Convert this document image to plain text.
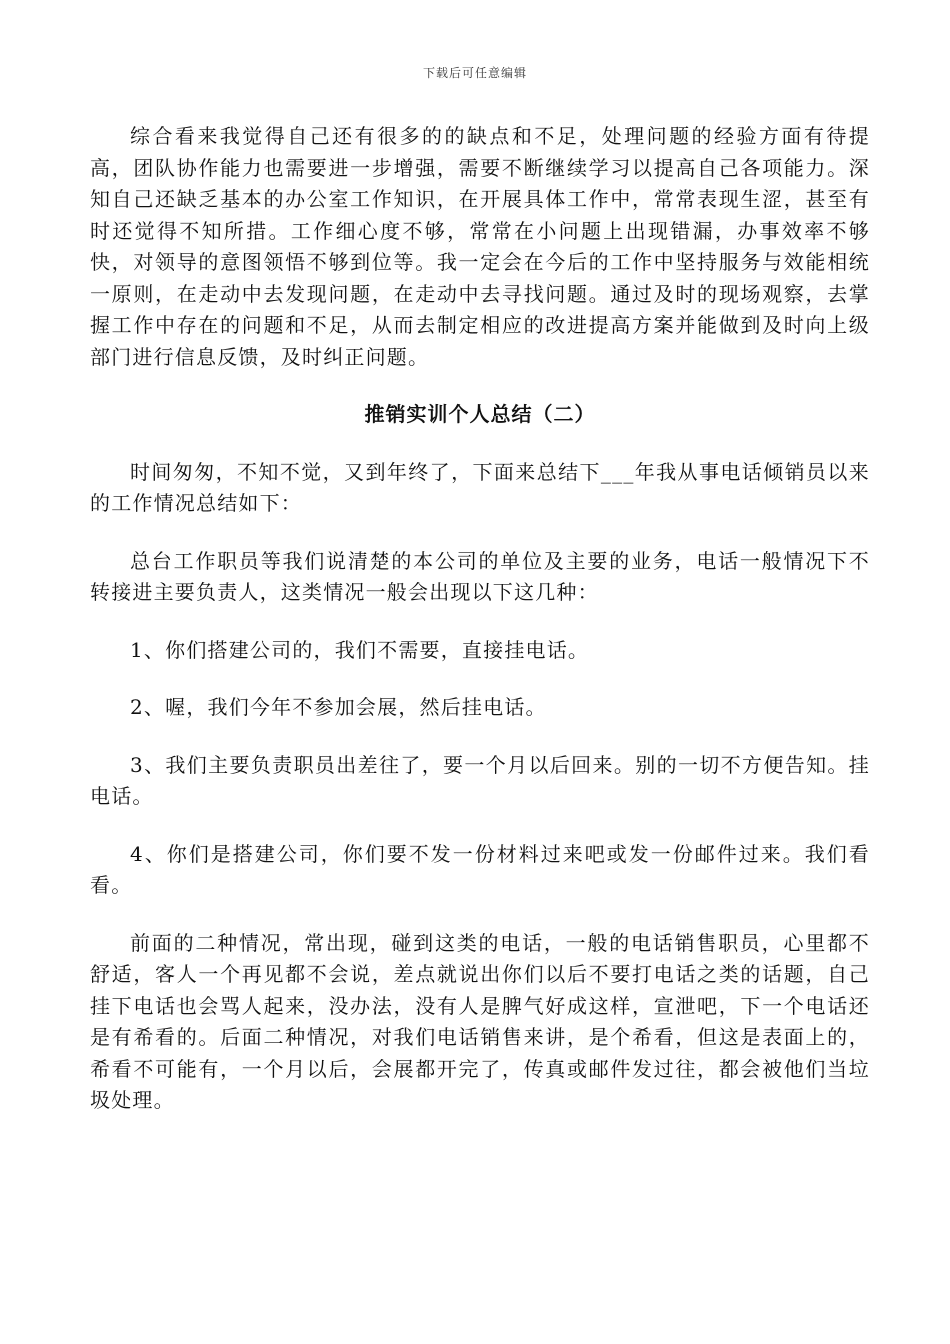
下载后可任意编辑

综合看来我觉得自己还有很多的的缺点和不足，处理问题的经验方面有待提高，团队协作能力也需要进一步增强，需要不断继续学习以提高自己各项能力。深知自己还缺乏基本的办公室工作知识，在开展具体工作中，常常表现生涩，甚至有时还觉得不知所措。工作细心度不够，常常在小问题上出现错漏，办事效率不够快，对领导的意图领悟不够到位等。我一定会在今后的工作中坚持服务与效能相统一原则，在走动中去发现问题，在走动中去寻找问题。通过及时的现场观察，去掌握工作中存在的问题和不足，从而去制定相应的改进提高方案并能做到及时向上级部门进行信息反馈，及时纠正问题。

推销实训个人总结（二）

时间匆匆，不知不觉，又到年终了，下面来总结下___年我从事电话倾销员以来的工作情况总结如下：

总台工作职员等我们说清楚的本公司的单位及主要的业务，电话一般情况下不转接进主要负责人，这类情况一般会出现以下这几种：

1、你们搭建公司的，我们不需要，直接挂电话。

2、喔，我们今年不参加会展，然后挂电话。

3、我们主要负责职员出差往了，要一个月以后回来。别的一切不方便告知。挂电话。

4、你们是搭建公司，你们要不发一份材料过来吧或发一份邮件过来。我们看看。

前面的二种情况，常出现，碰到这类的电话，一般的电话销售职员，心里都不舒适，客人一个再见都不会说，差点就说出你们以后不要打电话之类的话题，自己挂下电话也会骂人起来，没办法，没有人是脾气好成这样，宣泄吧，下一个电话还是有希看的。后面二种情况，对我们电话销售来讲，是个希看，但这是表面上的，希看不可能有，一个月以后，会展都开完了，传真或邮件发过往，都会被他们当垃圾处理。
